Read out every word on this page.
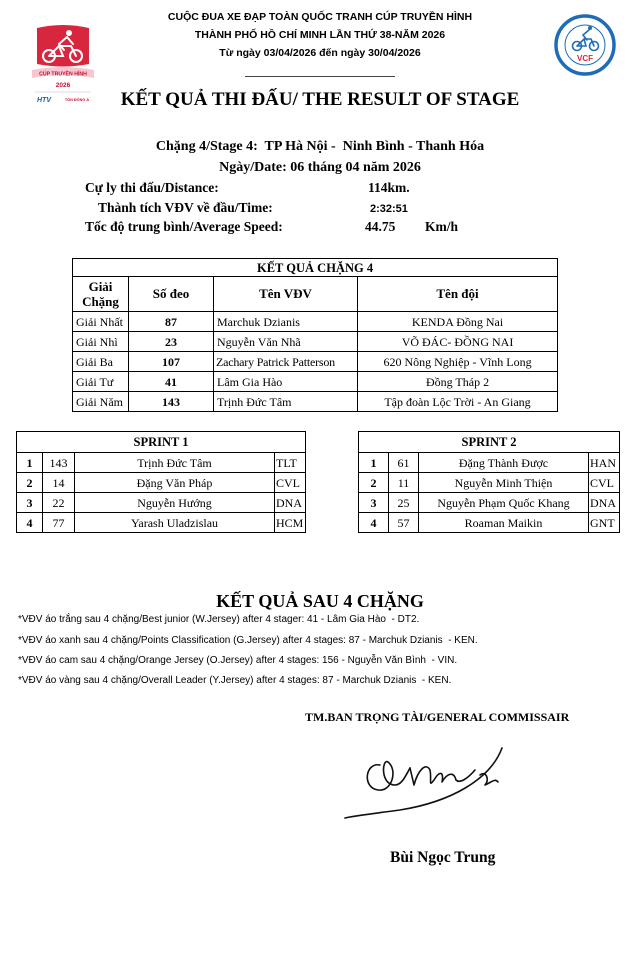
CÚP TRUYỀN HÌNH
2026
HTV	TÔN ĐÔNG Á
VCF
CUỘC ĐUA XE ĐẠP TOÀN QUỐC TRANH CÚP TRUYỀN HÌNH
THÀNH PHỐ HỒ CHÍ MINH LẦN THỨ 38-NĂM 2026
Từ ngày 03/04/2026 đến ngày 30/04/2026
KẾT QUẢ THI ĐẤU/ THE RESULT OF STAGE
Chặng 4/Stage 4:  TP Hà Nội -  Ninh Bình - Thanh Hóa
Ngày/Date: 06 tháng 04 năm 2026
Cự ly thi đấu/Distance:	114km.
Thành tích VĐV về đầu/Time:	2:32:51
Tốc độ trung bình/Average Speed:	44.75 Km/h
KẾT QUẢ CHẶNG 4			
Giải Chặng	Số đeo	Tên VĐV	Tên đội
Giải Nhất	87	Marchuk Dzianis	KENDA Đồng Nai
Giải Nhì	23	Nguyễn Văn Nhã	VÕ ĐÁC- ĐỒNG NAI
Giải Ba	107	Zachary Patrick Patterson	620 Nông Nghiệp - Vĩnh Long
Giải Tư	41	Lâm Gia Hào	Đồng Tháp 2
Giải Năm	143	Trịnh Đức Tâm	Tập đoàn Lộc Trời - An Giang
SPRINT 1			
1	143	Trịnh Đức Tâm	TLT
2	14	Đặng Văn Pháp	CVL
3	22	Nguyễn Hướng	DNA
4	77	Yarash Uladzislau	HCM
SPRINT 2			
1	61	Đặng Thành Được	HAN
2	11	Nguyễn Minh Thiện	CVL
3	25	Nguyễn Phạm Quốc Khang	DNA
4	57	Roaman Maikin	GNT
KẾT QUẢ SAU 4 CHẶNG
*VĐV áo trắng sau 4 chặng/Best junior (W.Jersey) after 4 stager: 41 - Lâm Gia Hào  - DT2.
*VĐV áo xanh sau 4 chặng/Points Classification (G.Jersey) after 4 stages: 87 - Marchuk Dzianis  - KEN.
*VĐV áo cam sau 4 chặng/Orange Jersey (O.Jersey) after 4 stages: 156 - Nguyễn Văn Bình  - VIN.
*VĐV áo vàng sau 4 chặng/Overall Leader (Y.Jersey) after 4 stages: 87 - Marchuk Dzianis  - KEN.
TM.BAN TRỌNG TÀI/GENERAL COMMISSAIR
Bùi Ngọc Trung
